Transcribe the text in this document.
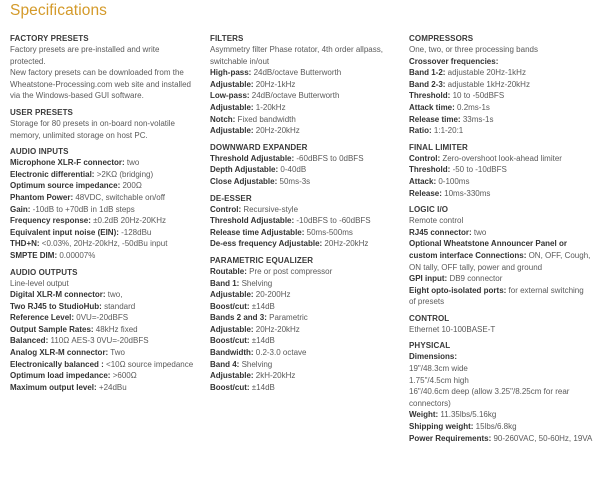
Specifications
FACTORY PRESETS
Factory presets are pre-installed and write
protected.
New factory presets can be downloaded from the
Wheatstone-Processing.com web site and installed
via the Windows-based GUI software.
USER PRESETS
Storage for 80 presets in on-board non-volatile
memory, unlimited storage on host PC.
AUDIO INPUTS
Microphone XLR-F connector: two
Electronic differential: >2KΩ (bridging)
Optimum source impedance: 200Ω
Phantom Power: 48VDC, switchable on/off
Gain: -10dB to +70dB in 1dB steps
Frequency response: ±0.2dB 20Hz-20KHz
Equivalent input noise (EIN): -128dBu
THD+N: <0.03%, 20Hz-20kHz, -50dBu input
SMPTE DIM: 0.00007%
AUDIO OUTPUTS
Line-level output
Digital XLR-M connector: two,
Two RJ45 to StudioHub: standard
Reference Level: 0VU=-20dBFS
Output Sample Rates: 48kHz fixed
Balanced: 110Ω AES-3 0VU=-20dBFS
Analog XLR-M connector: Two
Electronically balanced : <10Ω source impedance
Optimum load impedance: >600Ω
Maximum output level: +24dBu
FILTERS
Asymmetry filter Phase rotator, 4th order allpass,
switchable in/out
High-pass: 24dB/octave Butterworth
Adjustable: 20Hz-1kHz
Low-pass: 24dB/octave Butterworth
Adjustable: 1-20kHz
Notch: Fixed bandwidth
Adjustable: 20Hz-20kHz
DOWNWARD EXPANDER
Threshold Adjustable: -60dBFS to 0dBFS
Depth Adjustable: 0-40dB
Close Adjustable: 50ms-3s
DE-ESSER
Control: Recursive-style
Threshold Adjustable: -10dBFS to -60dBFS
Release time Adjustable: 50ms-500ms
De-ess frequency Adjustable: 20Hz-20kHz
PARAMETRIC EQUALIZER
Routable: Pre or post compressor
Band 1: Shelving
Adjustable: 20-200Hz
Boost/cut: ±14dB
Bands 2 and 3: Parametric
Adjustable: 20Hz-20kHz
Boost/cut: ±14dB
Bandwidth: 0.2-3.0 octave
Band 4: Shelving
Adjustable: 2kH-20kHz
Boost/cut: ±14dB
COMPRESSORS
One, two, or three processing bands
Crossover frequencies:
Band 1-2: adjustable 20Hz-1kHz
Band 2-3: adjustable 1kHz-20kHz
Threshold: 10 to -50dBFS
Attack time: 0.2ms-1s
Release time: 33ms-1s
Ratio: 1:1-20:1
FINAL LIMITER
Control: Zero-overshoot look-ahead limiter
Threshold: -50 to -10dBFS
Attack: 0-100ms
Release: 10ms-330ms
LOGIC I/O
Remote control
RJ45 connector: two
Optional Wheatstone Announcer Panel or
custom interface Connections: ON, OFF, Cough,
ON tally, OFF tally, power and ground
GPI input: DB9 connector
Eight opto-isolated ports: for external switching
of presets
CONTROL
Ethernet 10-100BASE-T
PHYSICAL
Dimensions:
19"/48.3cm wide
1.75"/4.5cm high
16"/40.6cm deep (allow 3.25"/8.25cm for rear
connectors)
Weight: 11.35lbs/5.16kg
Shipping weight: 15lbs/6.8kg
Power Requirements: 90-260VAC, 50-60Hz, 19VA
